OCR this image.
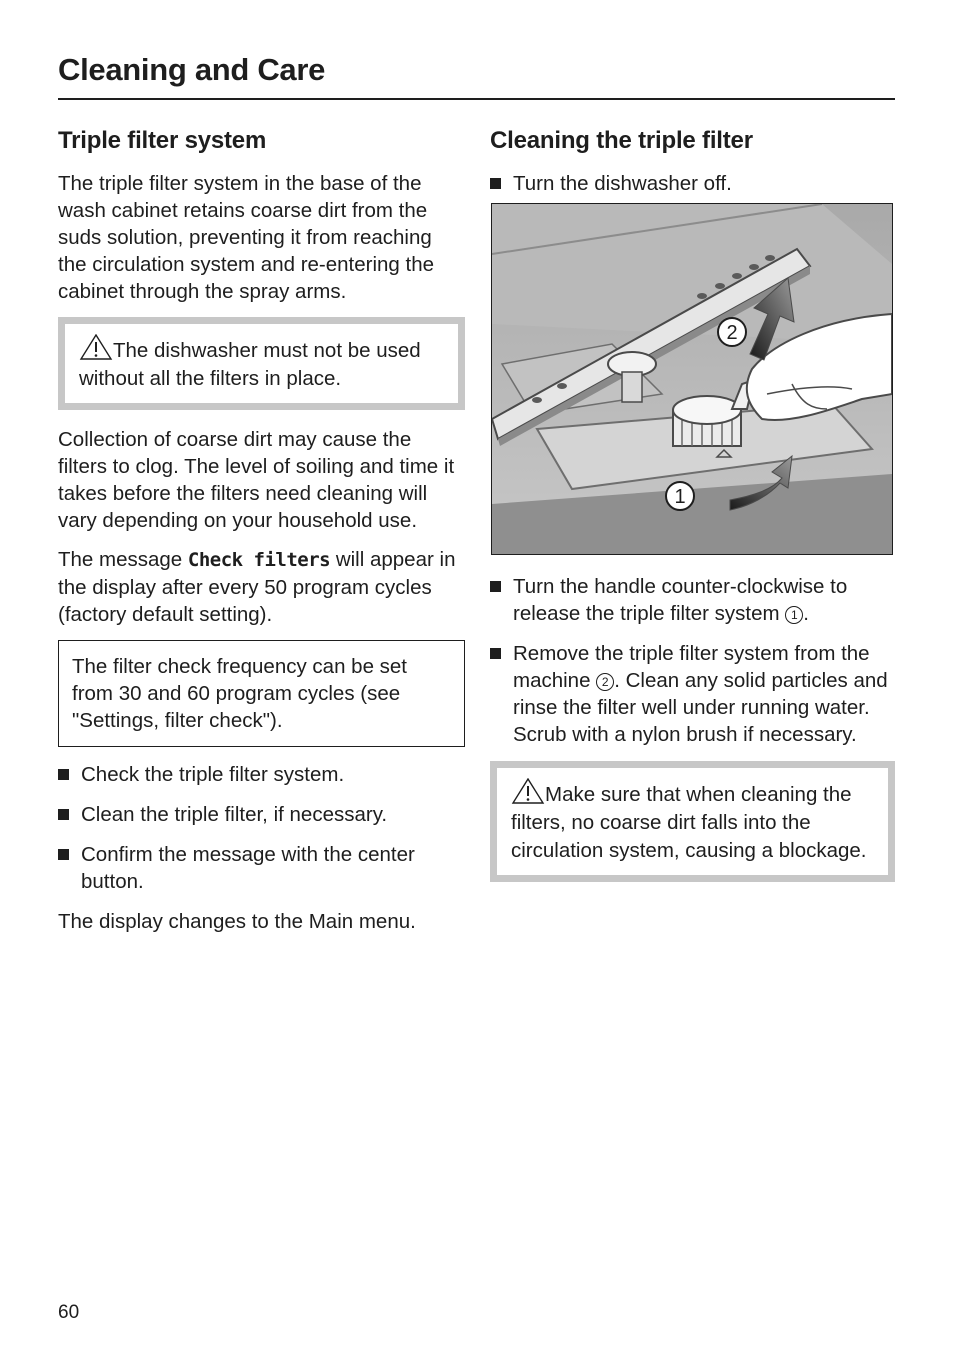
Cleaning and Care
Triple filter system

The triple filter system in the base of the wash cabinet retains coarse dirt from the suds solution, preventing it from reaching the circulation system and re-entering the cabinet through the spray arms.

The dishwasher must not be used without all the filters in place.

Collection of coarse dirt may cause the filters to clog. The level of soiling and time it takes before the filters need cleaning will vary depending on your household use.

The message Check filters will appear in the display after every 50 program cycles (factory default setting).

The filter check frequency can be set from 30 and 60 program cycles (see "Settings, filter check").
Check the triple filter system.
Clean the triple filter, if necessary.
Confirm the message with the center button.

The display changes to the Main menu.

Cleaning the triple filter
Turn the dishwasher off.
2
1
Turn the handle counter-clockwise to release the triple filter system 1 .
Remove the triple filter system from the machine 2 . Clean any solid particles and rinse the filter well under running water. Scrub with a nylon brush if necessary.
Make sure that when cleaning the filters, no coarse dirt falls into the circulation system, causing a blockage.
60
